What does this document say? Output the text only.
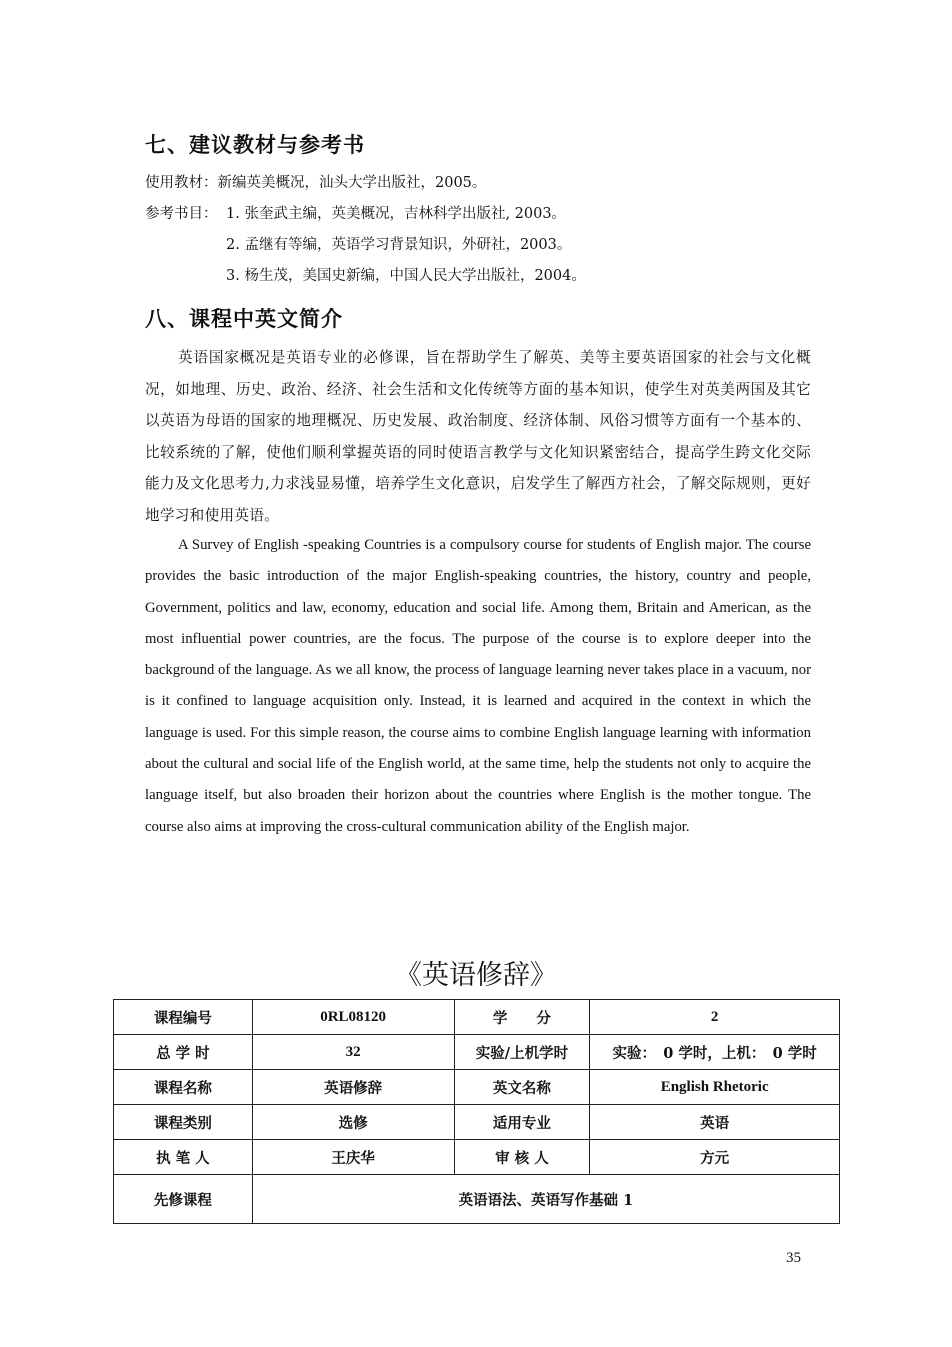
七、建议教材与参考书

使用教材：新编英美概况，汕头大学出版社，2005。

参考书目： 1. 张奎武主编，英美概况，吉林科学出版社, 2003。

2. 孟继有等编，英语学习背景知识，外研社，2003。

3. 杨生茂，美国史新编，中国人民大学出版社，2004。

八、课程中英文简介

英语国家概况是英语专业的必修课，旨在帮助学生了解英、美等主要英语国家的社会与文化概况，如地理、历史、政治、经济、社会生活和文化传统等方面的基本知识，使学生对英美两国及其它以英语为母语的国家的地理概况、历史发展、政治制度、经济体制、风俗习惯等方面有一个基本的、比较系统的了解，使他们顺利掌握英语的同时使语言教学与文化知识紧密结合，提高学生跨文化交际能力及文化思考力,力求浅显易懂，培养学生文化意识，启发学生了解西方社会，了解交际规则，更好地学习和使用英语。

A Survey of English -speaking Countries is a compulsory course for students of English major. The course provides the basic introduction of the major English-speaking countries, the history, country and people, Government, politics and law, economy, education and social life. Among them, Britain and American, as the most influential power countries, are the focus. The purpose of the course is to explore deeper into the background of the language. As we all know, the process of language learning never takes place in a vacuum, nor is it confined to language acquisition only. Instead, it is learned and acquired in the context in which the language is used. For this simple reason, the course aims to combine English language learning with information about the cultural and social life of the English world, at the same time, help the students not only to acquire the language itself, but also broaden their horizon about the countries where English is the mother tongue. The course also aims at improving the cross-cultural communication ability of the English major.

《英语修辞》

课程编号	0RL08120	学　　分	2
总 学 时	32	实验/上机学时	实验：　0 学时，上机：　0 学时
课程名称	英语修辞	英文名称	English Rhetoric
课程类别	选修	适用专业	英语
执 笔 人	王庆华	审 核 人	方元
先修课程	英语语法、英语写作基础 1		

35
